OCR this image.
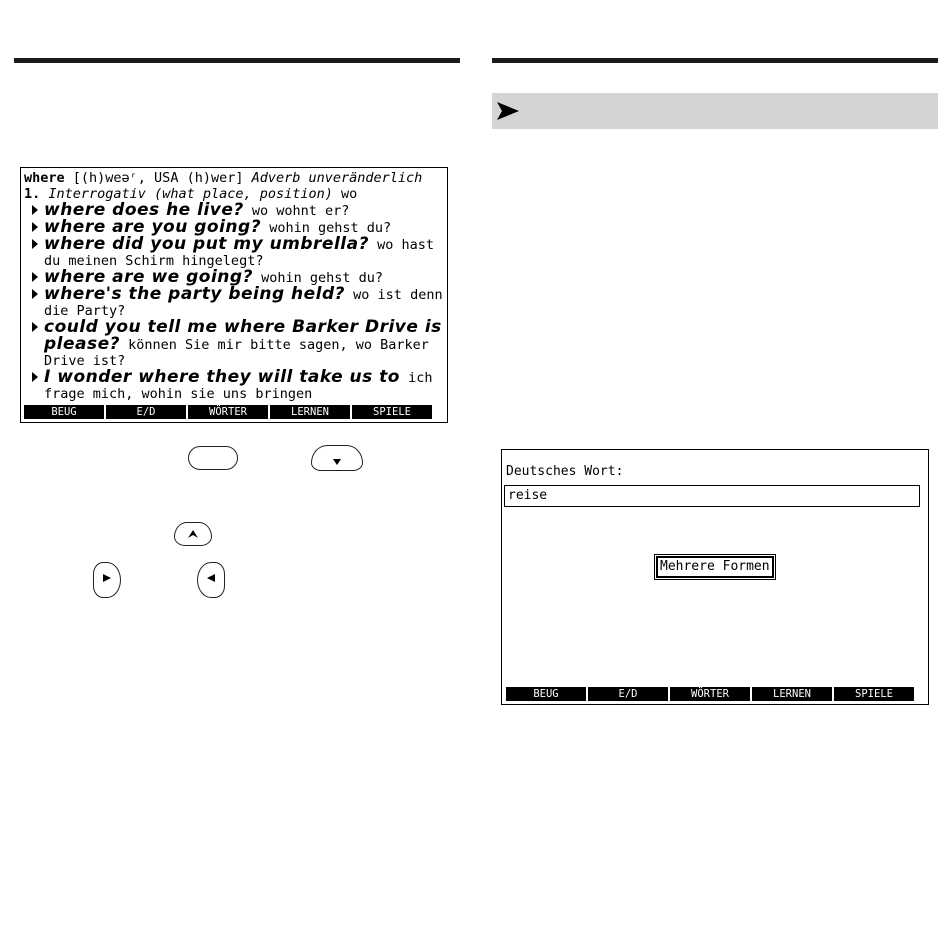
where [(h)weəʳ, USA (h)wer] Adverb unveränderlich
1. Interrogativ (what place, position) wo
where does he live? wo wohnt er?
where are you going? wohin gehst du?
where did you put my umbrella? wo hast du meinen Schirm hingelegt?
where are we going? wohin gehst du?
where's the party being held? wo ist denn die Party?
could you tell me where Barker Drive is please? können Sie mir bitte sagen, wo Barker Drive ist?
I wonder where they will take us to ich frage mich, wohin sie uns bringen
BEUG	E/D	WÖRTER	LERNEN	SPIELE
Deutsches Wort:
reise
Mehrere Formen
BEUG	E/D	WÖRTER	LERNEN	SPIELE
